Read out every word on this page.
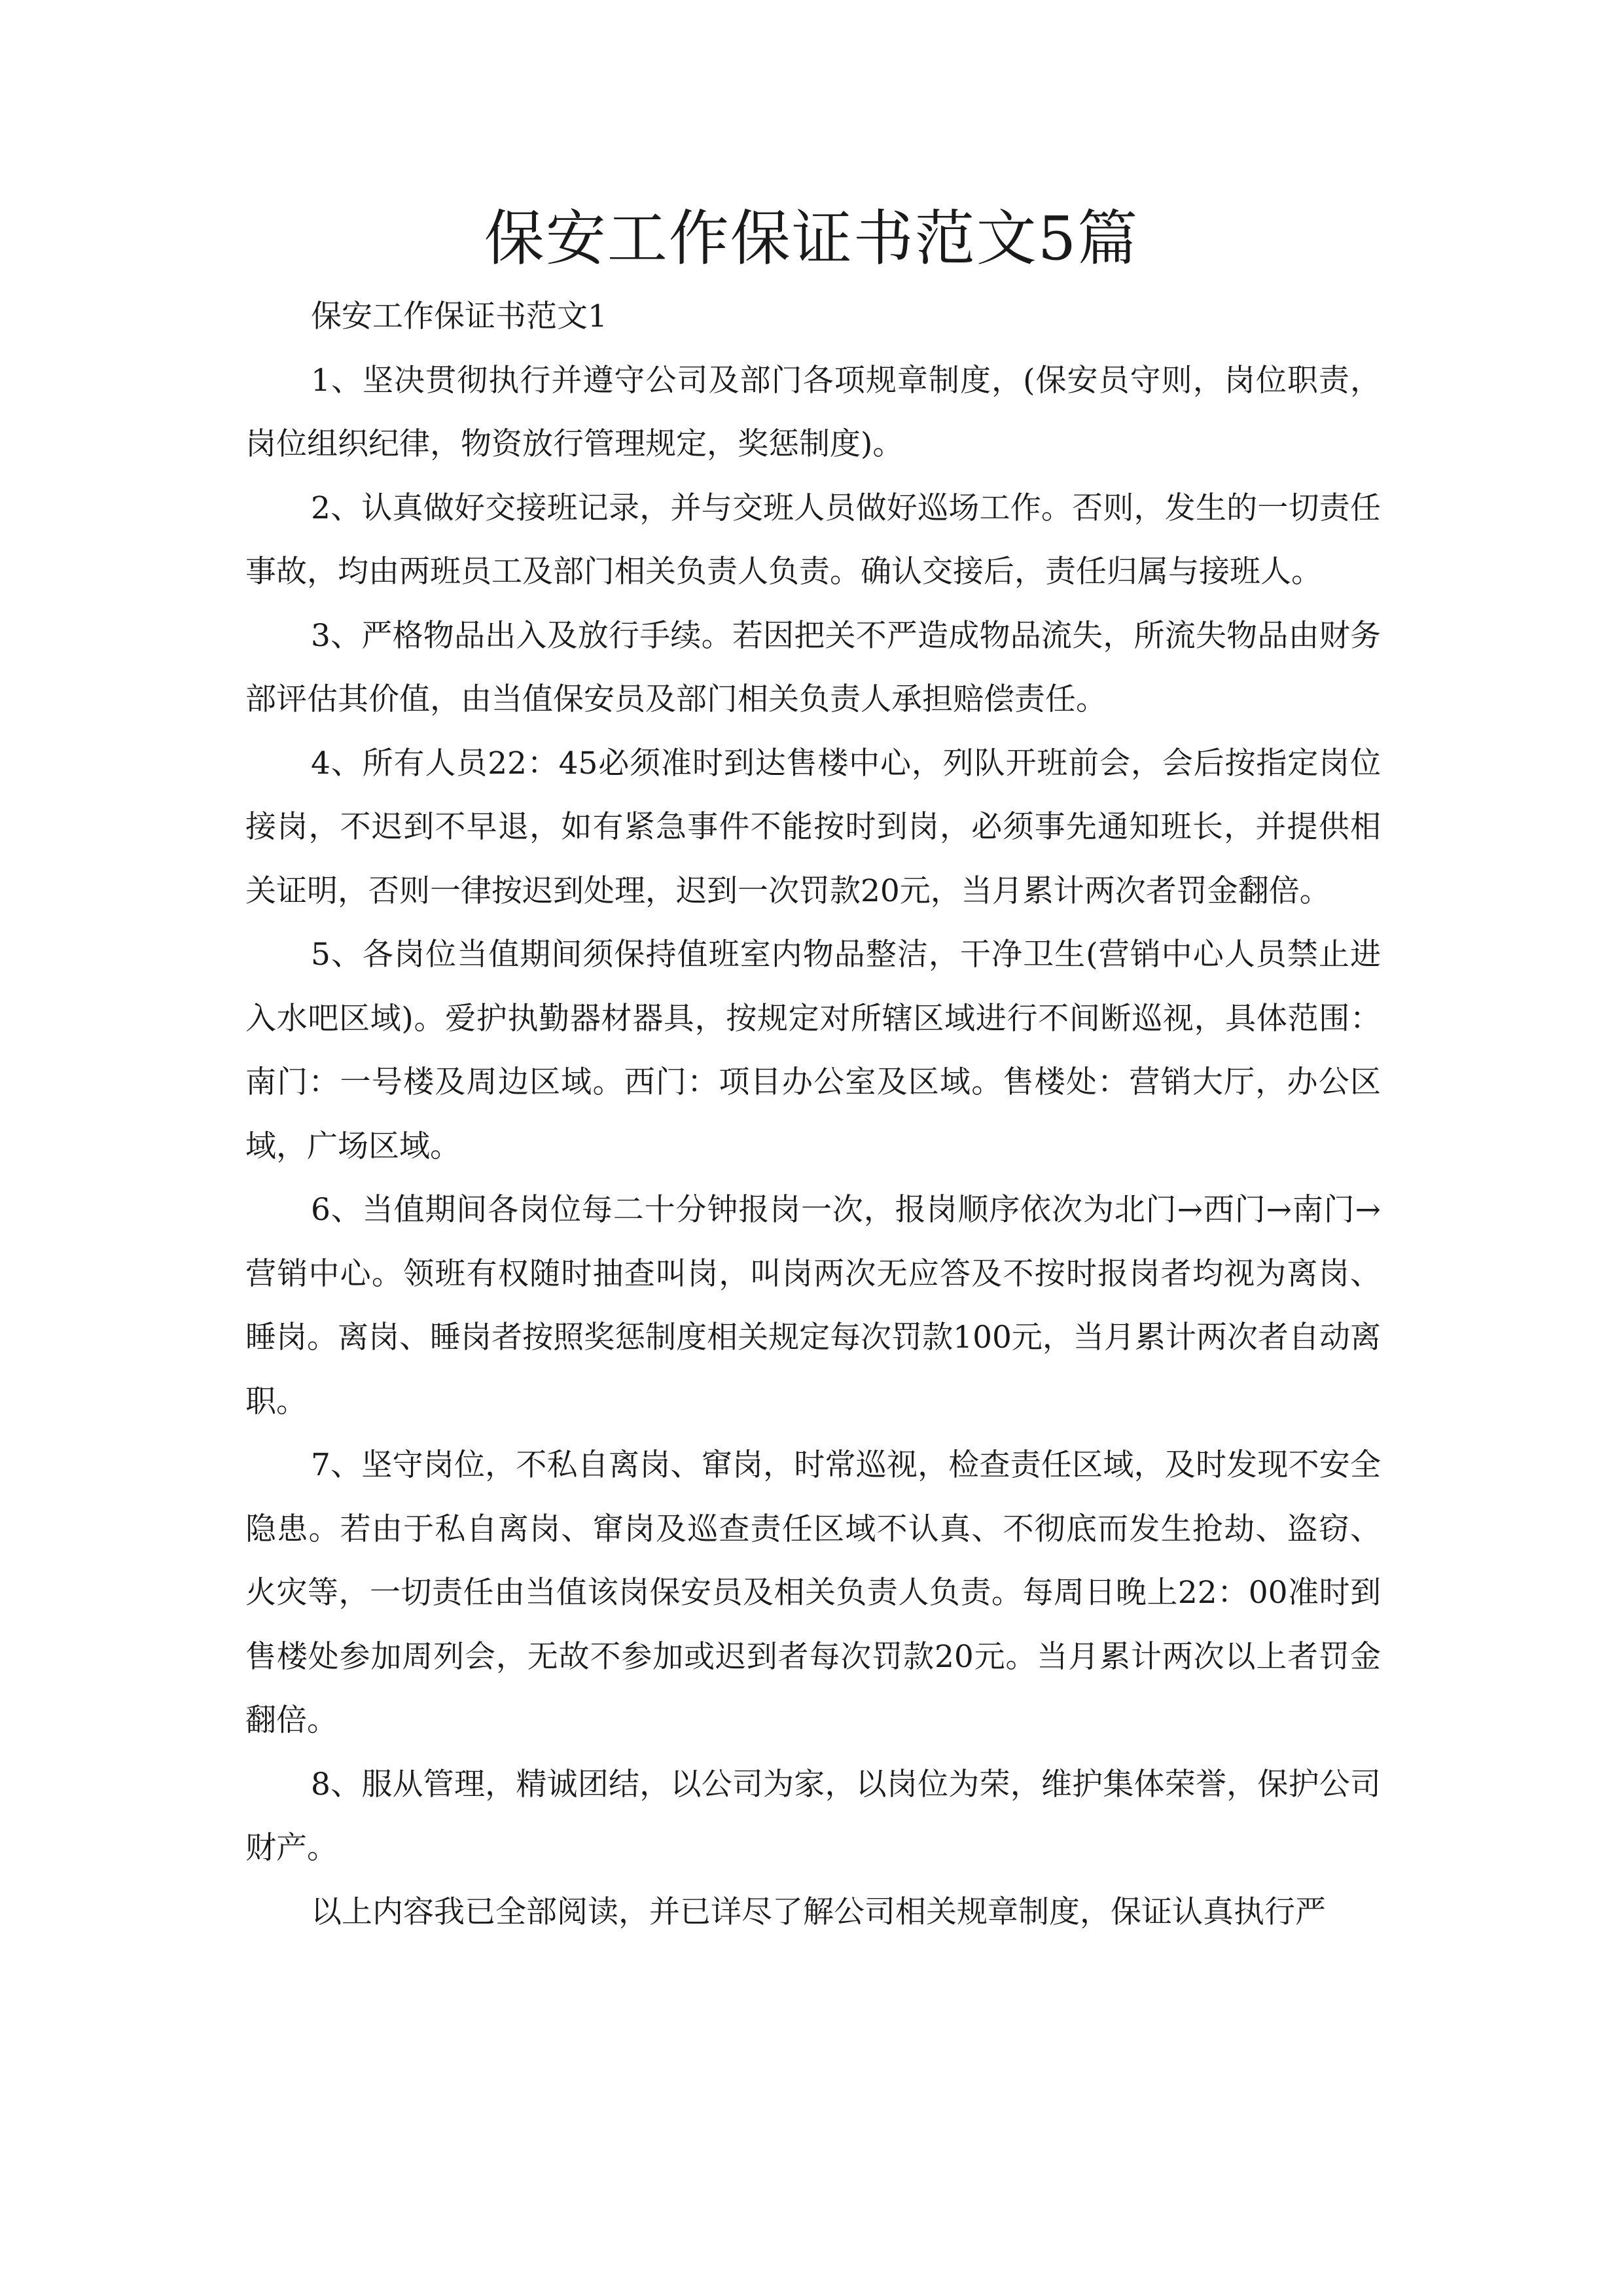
保安工作保证书范文5篇

保安工作保证书范文1

1、坚决贯彻执行并遵守公司及部门各项规章制度，(保安员守则，岗位职责，岗位组织纪律，物资放行管理规定，奖惩制度)。

2、认真做好交接班记录，并与交班人员做好巡场工作。否则，发生的一切责任事故，均由两班员工及部门相关负责人负责。确认交接后，责任归属与接班人。

3、严格物品出入及放行手续。若因把关不严造成物品流失，所流失物品由财务部评估其价值，由当值保安员及部门相关负责人承担赔偿责任。

4、所有人员22：45必须准时到达售楼中心，列队开班前会，会后按指定岗位接岗，不迟到不早退，如有紧急事件不能按时到岗，必须事先通知班长，并提供相关证明，否则一律按迟到处理，迟到一次罚款20元，当月累计两次者罚金翻倍。

5、各岗位当值期间须保持值班室内物品整洁，干净卫生(营销中心人员禁止进入水吧区域)。爱护执勤器材器具，按规定对所辖区域进行不间断巡视，具体范围：南门：一号楼及周边区域。西门：项目办公室及区域。售楼处：营销大厅，办公区域，广场区域。

6、当值期间各岗位每二十分钟报岗一次，报岗顺序依次为北门→西门→南门→营销中心。领班有权随时抽查叫岗，叫岗两次无应答及不按时报岗者均视为离岗、睡岗。离岗、睡岗者按照奖惩制度相关规定每次罚款100元，当月累计两次者自动离职。

7、坚守岗位，不私自离岗、窜岗，时常巡视，检查责任区域，及时发现不安全隐患。若由于私自离岗、窜岗及巡查责任区域不认真、不彻底而发生抢劫、盗窃、火灾等，一切责任由当值该岗保安员及相关负责人负责。每周日晚上22：00准时到售楼处参加周列会，无故不参加或迟到者每次罚款20元。当月累计两次以上者罚金翻倍。

8、服从管理，精诚团结，以公司为家，以岗位为荣，维护集体荣誉，保护公司财产。

以上内容我已全部阅读，并已详尽了解公司相关规章制度，保证认真执行严
